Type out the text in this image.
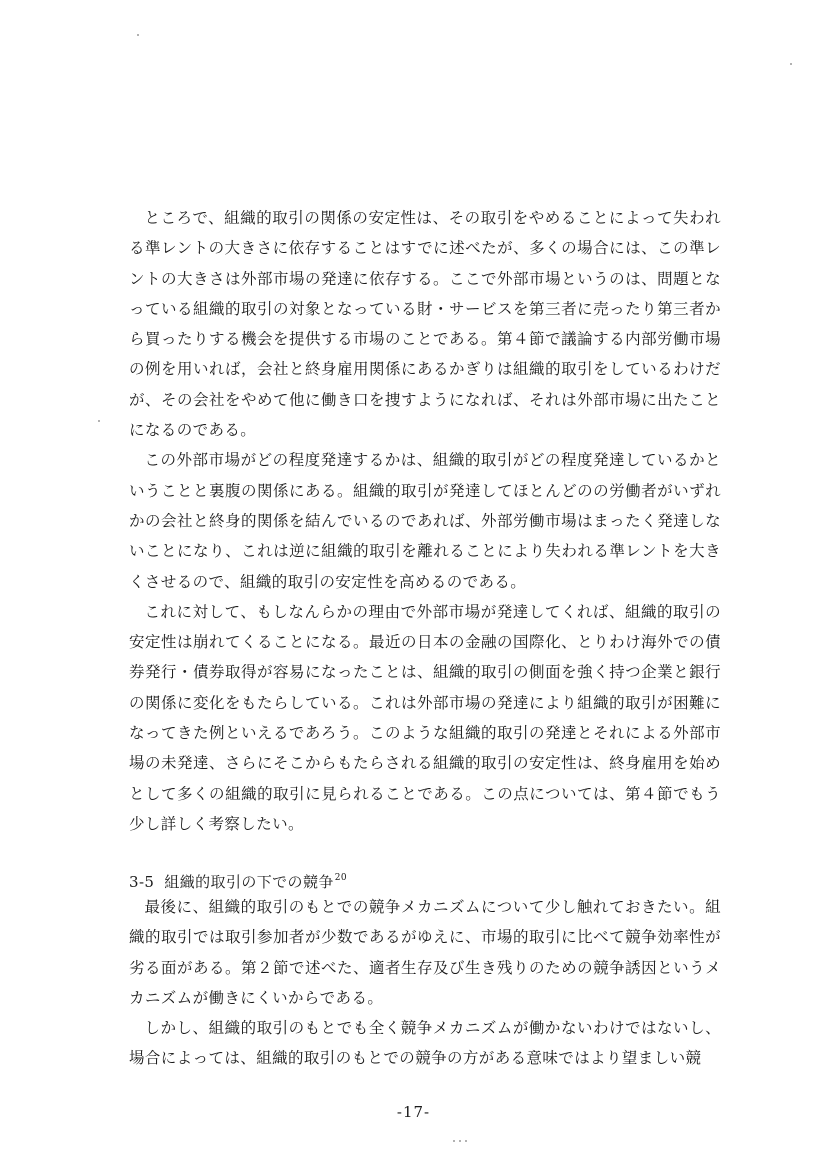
ところで、組織的取引の関係の安定性は、その取引をやめることによって失われる準レントの大きさに依存することはすでに述べたが、多くの場合には、この準レントの大きさは外部市場の発達に依存する。ここで外部市場というのは、問題となっている組織的取引の対象となっている財・サービスを第三者に売ったり第三者から買ったりする機会を提供する市場のことである。第４節で議論する内部労働市場の例を用いれば，会社と終身雇用関係にあるかぎりは組織的取引をしているわけだが、その会社をやめて他に働き口を捜すようになれば、それは外部市場に出たことになるのである。

この外部市場がどの程度発達するかは、組織的取引がどの程度発達しているかということと裏腹の関係にある。組織的取引が発達してほとんどのの労働者がいずれかの会社と終身的関係を結んでいるのであれば、外部労働市場はまったく発達しないことになり、これは逆に組織的取引を離れることにより失われる準レントを大きくさせるので、組織的取引の安定性を高めるのである。

これに対して、もしなんらかの理由で外部市場が発達してくれば、組織的取引の安定性は崩れてくることになる。最近の日本の金融の国際化、とりわけ海外での債券発行・債券取得が容易になったことは、組織的取引の側面を強く持つ企業と銀行の関係に変化をもたらしている。これは外部市場の発達により組織的取引が困難になってきた例といえるであろう。このような組織的取引の発達とそれによる外部市場の未発達、さらにそこからもたらされる組織的取引の安定性は、終身雇用を始めとして多くの組織的取引に見られることである。この点については、第４節でもう少し詳しく考察したい。

3-5 組織的取引の下での競争$^{20}$

最後に、組織的取引のもとでの競争メカニズムについて少し触れておきたい。組織的取引では取引参加者が少数であるがゆえに、市場的取引に比べて競争効率性が劣る面がある。第２節で述べた、適者生存及び生き残りのための競争誘因というメカニズムが働きにくいからである。

しかし、組織的取引のもとでも全く競争メカニズムが働かないわけではないし、場合によっては、組織的取引のもとでの競争の方がある意味ではより望ましい競

-17-
